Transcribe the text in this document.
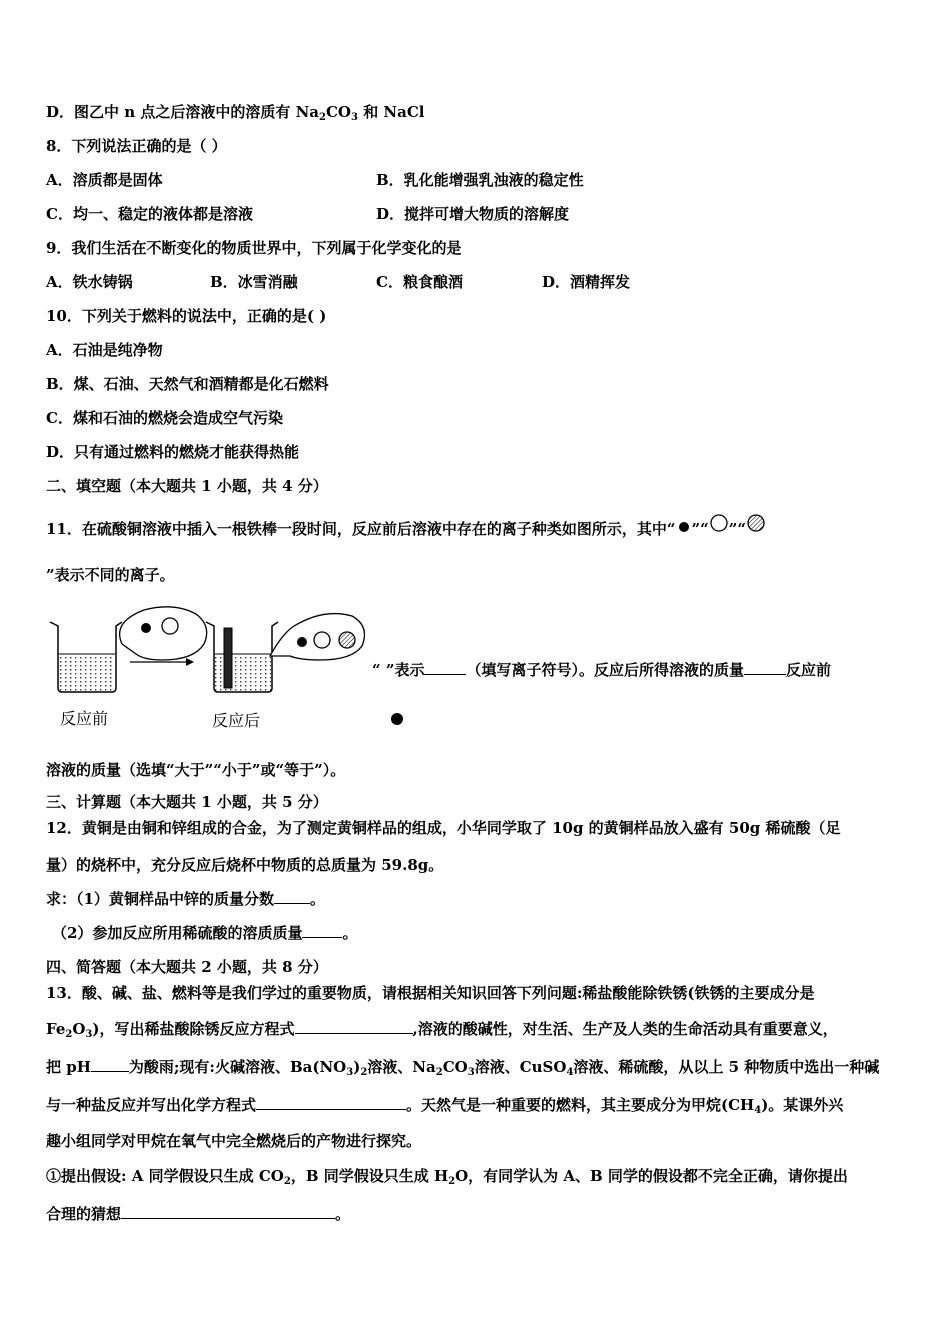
D．图乙中 n 点之后溶液中的溶质有 $Na_2CO_3$ 和 NaCl
8．下列说法正确的是（ ）
A．溶质都是固体	B．乳化能增强乳浊液的稳定性
C．均一、稳定的液体都是溶液	D．搅拌可增大物质的溶解度
9．我们生活在不断变化的物质世界中，下列属于化学变化的是
A．铁水铸锅	B．冰雪消融	C．粮食酿酒	D．酒精挥发
10．下列关于燃料的说法中，正确的是( )
A．石油是纯净物
B．煤、石油、天然气和酒精都是化石燃料
C．煤和石油的燃烧会造成空气污染
D．只有通过燃料的燃烧才能获得热能
二、填空题（本大题共 1 小题，共 4 分）
11．在硫酸铜溶液中插入一根铁棒一段时间，反应前后溶液中存在的离子种类如图所示，其中“ ”“ ”“
”表示不同的离子。
反应前	反应后
“ ”表示	（填写离子符号）。反应后所得溶液的质量	反应前
溶液的质量（选填“大于”“小于”或“等于”）。
三、计算题（本大题共 1 小题，共 5 分）
12．黄铜是由铜和锌组成的合金，为了测定黄铜样品的组成，小华同学取了 10g 的黄铜样品放入盛有 50g 稀硫酸（足
量）的烧杯中，充分反应后烧杯中物质的总质量为 59.8g。
求：（1）黄铜样品中锌的质量分数 。
（2）参加反应所用稀硫酸的溶质质量	。
四、简答题（本大题共 2 小题，共 8 分）
13．酸、碱、盐、燃料等是我们学过的重要物质，请根据相关知识回答下列问题:稀盐酸能除铁锈(铁锈的主要成分是
$Fe_2O_3$)，写出稀盐酸除锈反应方程式	,溶液的酸碱性，对生活、生产及人类的生命活动具有重要意义，
把 pH	为酸雨;现有:火碱溶液、$Ba(NO_3)_2$溶液、$Na_2CO_3$溶液、CuSO$_4$溶液、稀硫酸，从以上 5 种物质中选出一种碱
与一种盐反应并写出化学方程式	。天然气是一种重要的燃料，其主要成分为甲烷$(CH_4)$。某课外兴
趣小组同学对甲烷在氧气中完全燃烧后的产物进行探究。
①提出假设: A 同学假设只生成 $CO_2$，B 同学假设只生成 $H_2O$，有同学认为 A、B 同学的假设都不完全正确，请你提出
合理的猜想	。
